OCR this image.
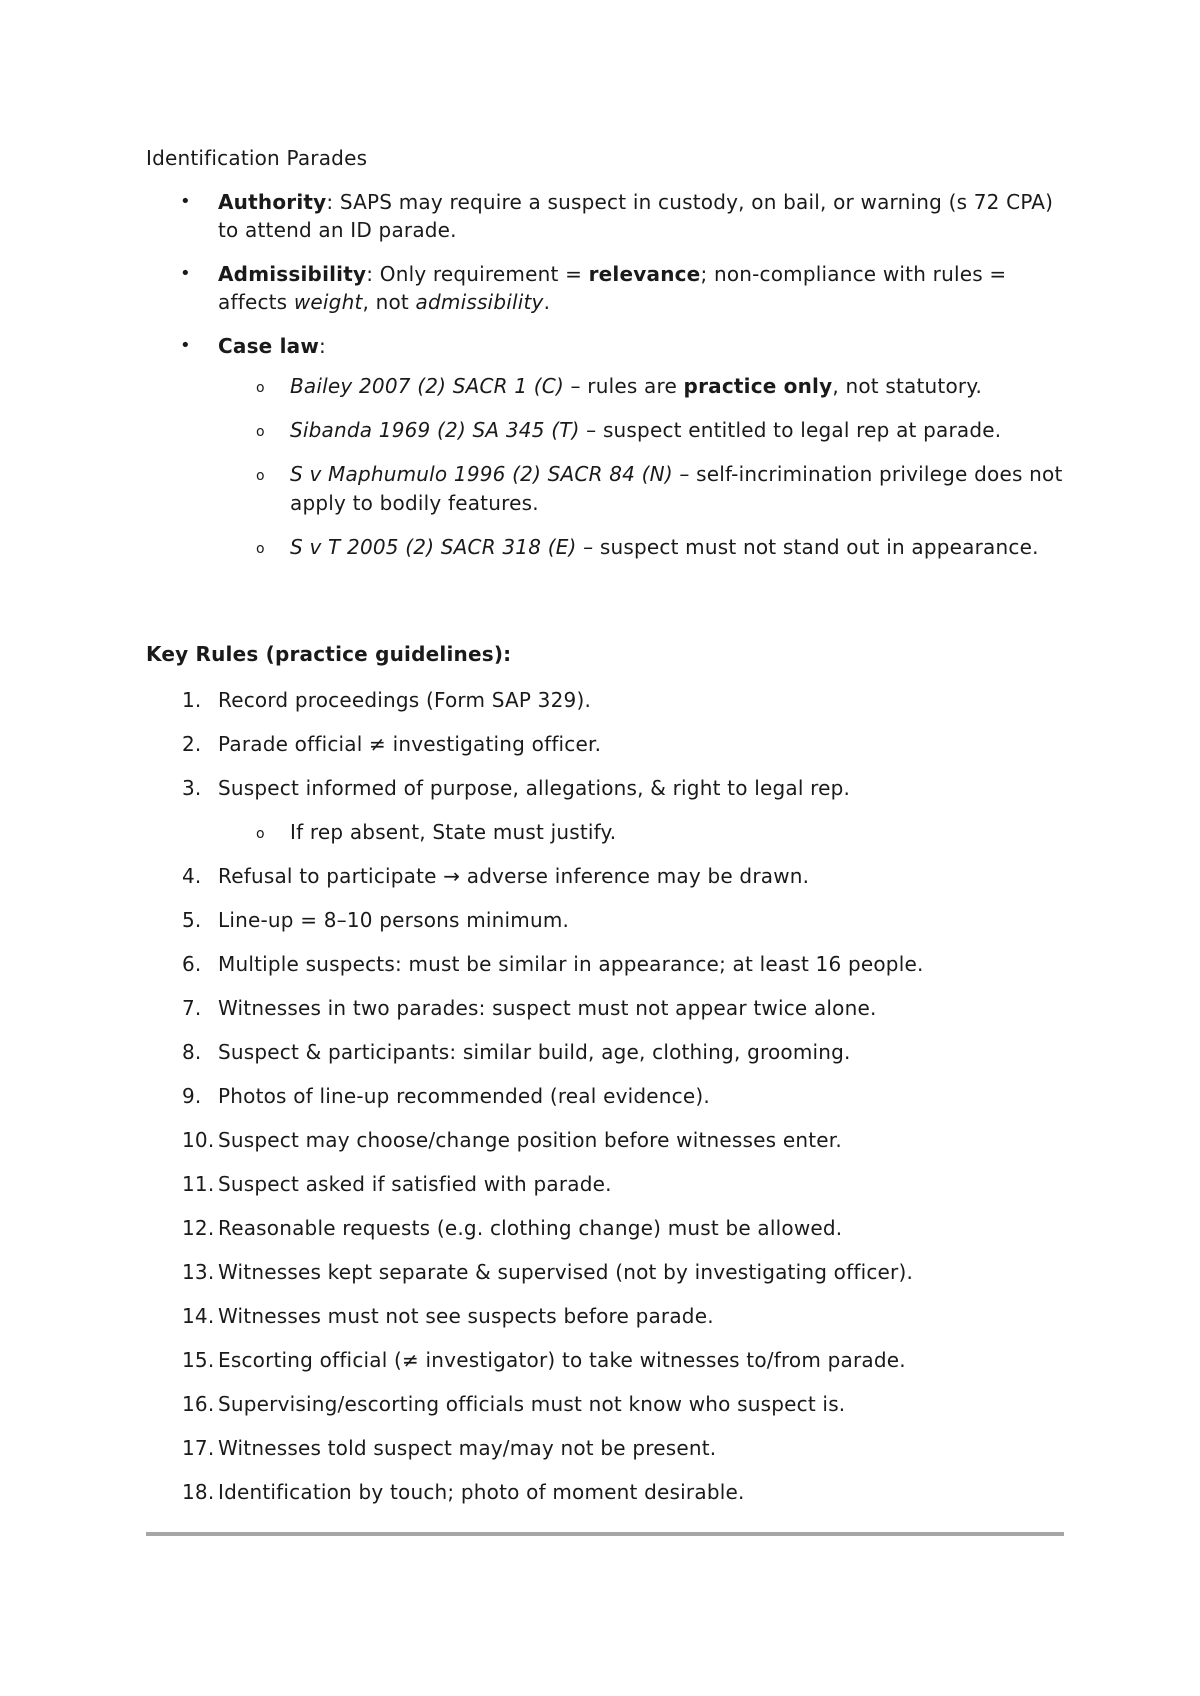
Identification Parades
• Authority: SAPS may require a suspect in custody, on bail, or warning (s 72 CPA) to attend an ID parade.
• Admissibility: Only requirement = relevance; non-compliance with rules = affects weight, not admissibility.
• Case law:
o Bailey 2007 (2) SACR 1 (C) – rules are practice only, not statutory.
o Sibanda 1969 (2) SA 345 (T) – suspect entitled to legal rep at parade.
o S v Maphumulo 1996 (2) SACR 84 (N) – self-incrimination privilege does not apply to bodily features.
o S v T 2005 (2) SACR 318 (E) – suspect must not stand out in appearance.
Key Rules (practice guidelines):
1. Record proceedings (Form SAP 329).
2. Parade official ≠ investigating officer.
3. Suspect informed of purpose, allegations, & right to legal rep.
o If rep absent, State must justify.
4. Refusal to participate → adverse inference may be drawn.
5. Line-up = 8–10 persons minimum.
6. Multiple suspects: must be similar in appearance; at least 16 people.
7. Witnesses in two parades: suspect must not appear twice alone.
8. Suspect & participants: similar build, age, clothing, grooming.
9. Photos of line-up recommended (real evidence).
10. Suspect may choose/change position before witnesses enter.
11. Suspect asked if satisfied with parade.
12. Reasonable requests (e.g. clothing change) must be allowed.
13. Witnesses kept separate & supervised (not by investigating officer).
14. Witnesses must not see suspects before parade.
15. Escorting official (≠ investigator) to take witnesses to/from parade.
16. Supervising/escorting officials must not know who suspect is.
17. Witnesses told suspect may/may not be present.
18. Identification by touch; photo of moment desirable.
